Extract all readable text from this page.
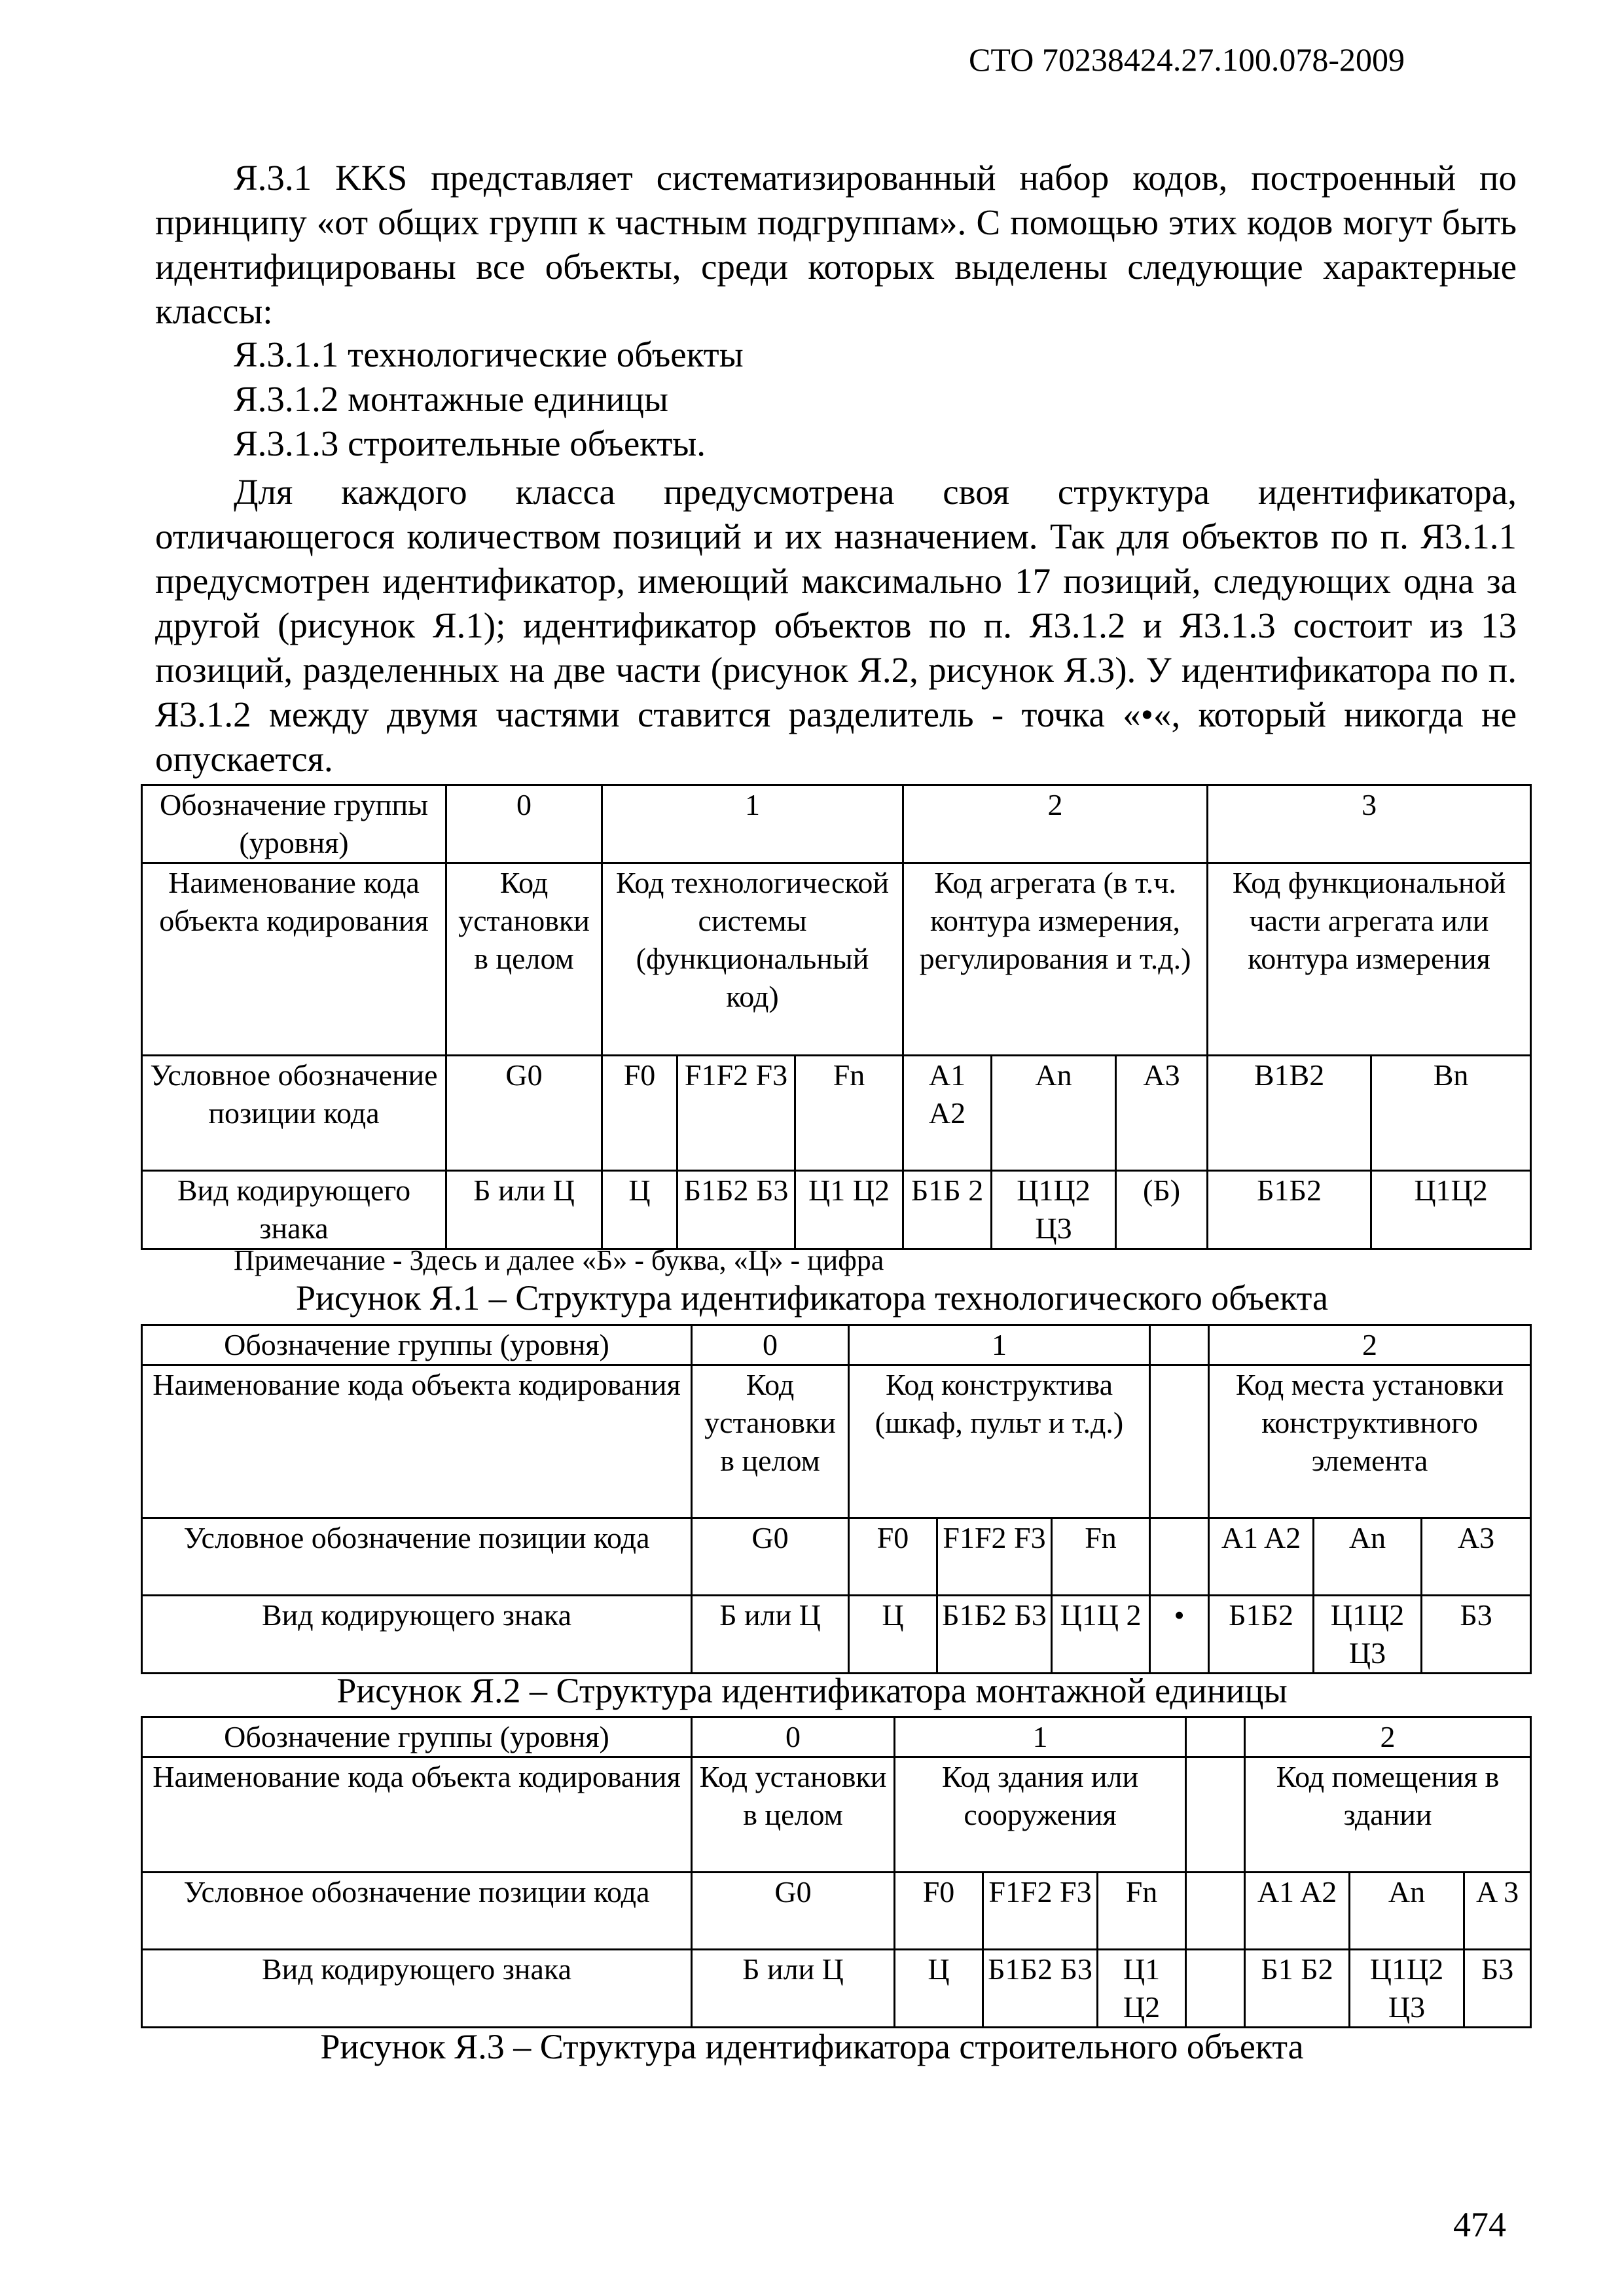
СТО 70238424.27.100.078-2009
Я.3.1 KKS представляет систематизированный набор кодов, построенный по принципу «от общих групп к частным подгруппам». С помощью этих кодов могут быть идентифицированы все объекты, среди которых выделены следующие характерные классы:
Я.3.1.1 технологические объекты
Я.3.1.2 монтажные единицы
Я.3.1.3 строительные объекты.
Для каждого класса предусмотрена своя структура идентификатора, отличающегося количеством позиций и их назначением. Так для объектов по п. Я3.1.1 предусмотрен идентификатор, имеющий максимально 17 позиций, следующих одна за другой (рисунок Я.1); идентификатор объектов по п. Я3.1.2 и Я3.1.3 состоит из 13 позиций, разделенных на две части (рисунок Я.2, рисунок Я.3). У идентификатора по п. Я3.1.2 между двумя частями ставится разделитель - точка «•«, который никогда не опускается.
Обозначение группы (уровня)	0	1			2			3	
Наименование кода объекта кодирования	Код установки в целом	Код технологической системы (функциональный код)			Код агрегата (в т.ч. контура измерения, регулирования и т.д.)			Код функциональной части агрегата или контура измерения	
Условное обозначение позиции кода	G0	F0	F1F2 F3	Fn	A1 A2	An	A3	B1B2	Bn
Вид кодирующего знака	Б или Ц	Ц	Б1Б2 Б3	Ц1 Ц2	Б1Б 2	Ц1Ц2 Ц3	(Б)	Б1Б2	Ц1Ц2
Примечание - Здесь и далее «Б» - буква, «Ц» - цифра
Рисунок Я.1 – Структура идентификатора технологического объекта
Обозначение группы (уровня)	0	1				2		
Наименование кода объекта кодирования	Код установки в целом	Код конструктива (шкаф, пульт и т.д.)				Код места установки конструктивного элемента		
Условное обозначение позиции кода	G0	F0	F1F2 F3	Fn		A1 A2	An	A3
Вид кодирующего знака	Б или Ц	Ц	Б1Б2 Б3	Ц1Ц 2	•	Б1Б2	Ц1Ц2 Ц3	Б3
Рисунок Я.2 – Структура идентификатора монтажной единицы
Обозначение группы (уровня)	0	1				2		
Наименование кода объекта кодирования	Код установки в целом	Код здания или сооружения				Код помещения в здании		
Условное обозначение позиции кода	G0	F0	F1F2 F3	Fn		A1 A2	An	A 3
Вид кодирующего знака	Б или Ц	Ц	Б1Б2 Б3	Ц1 Ц2		Б1 Б2	Ц1Ц2 Ц3	Б3
Рисунок Я.3 – Структура идентификатора строительного объекта
474
